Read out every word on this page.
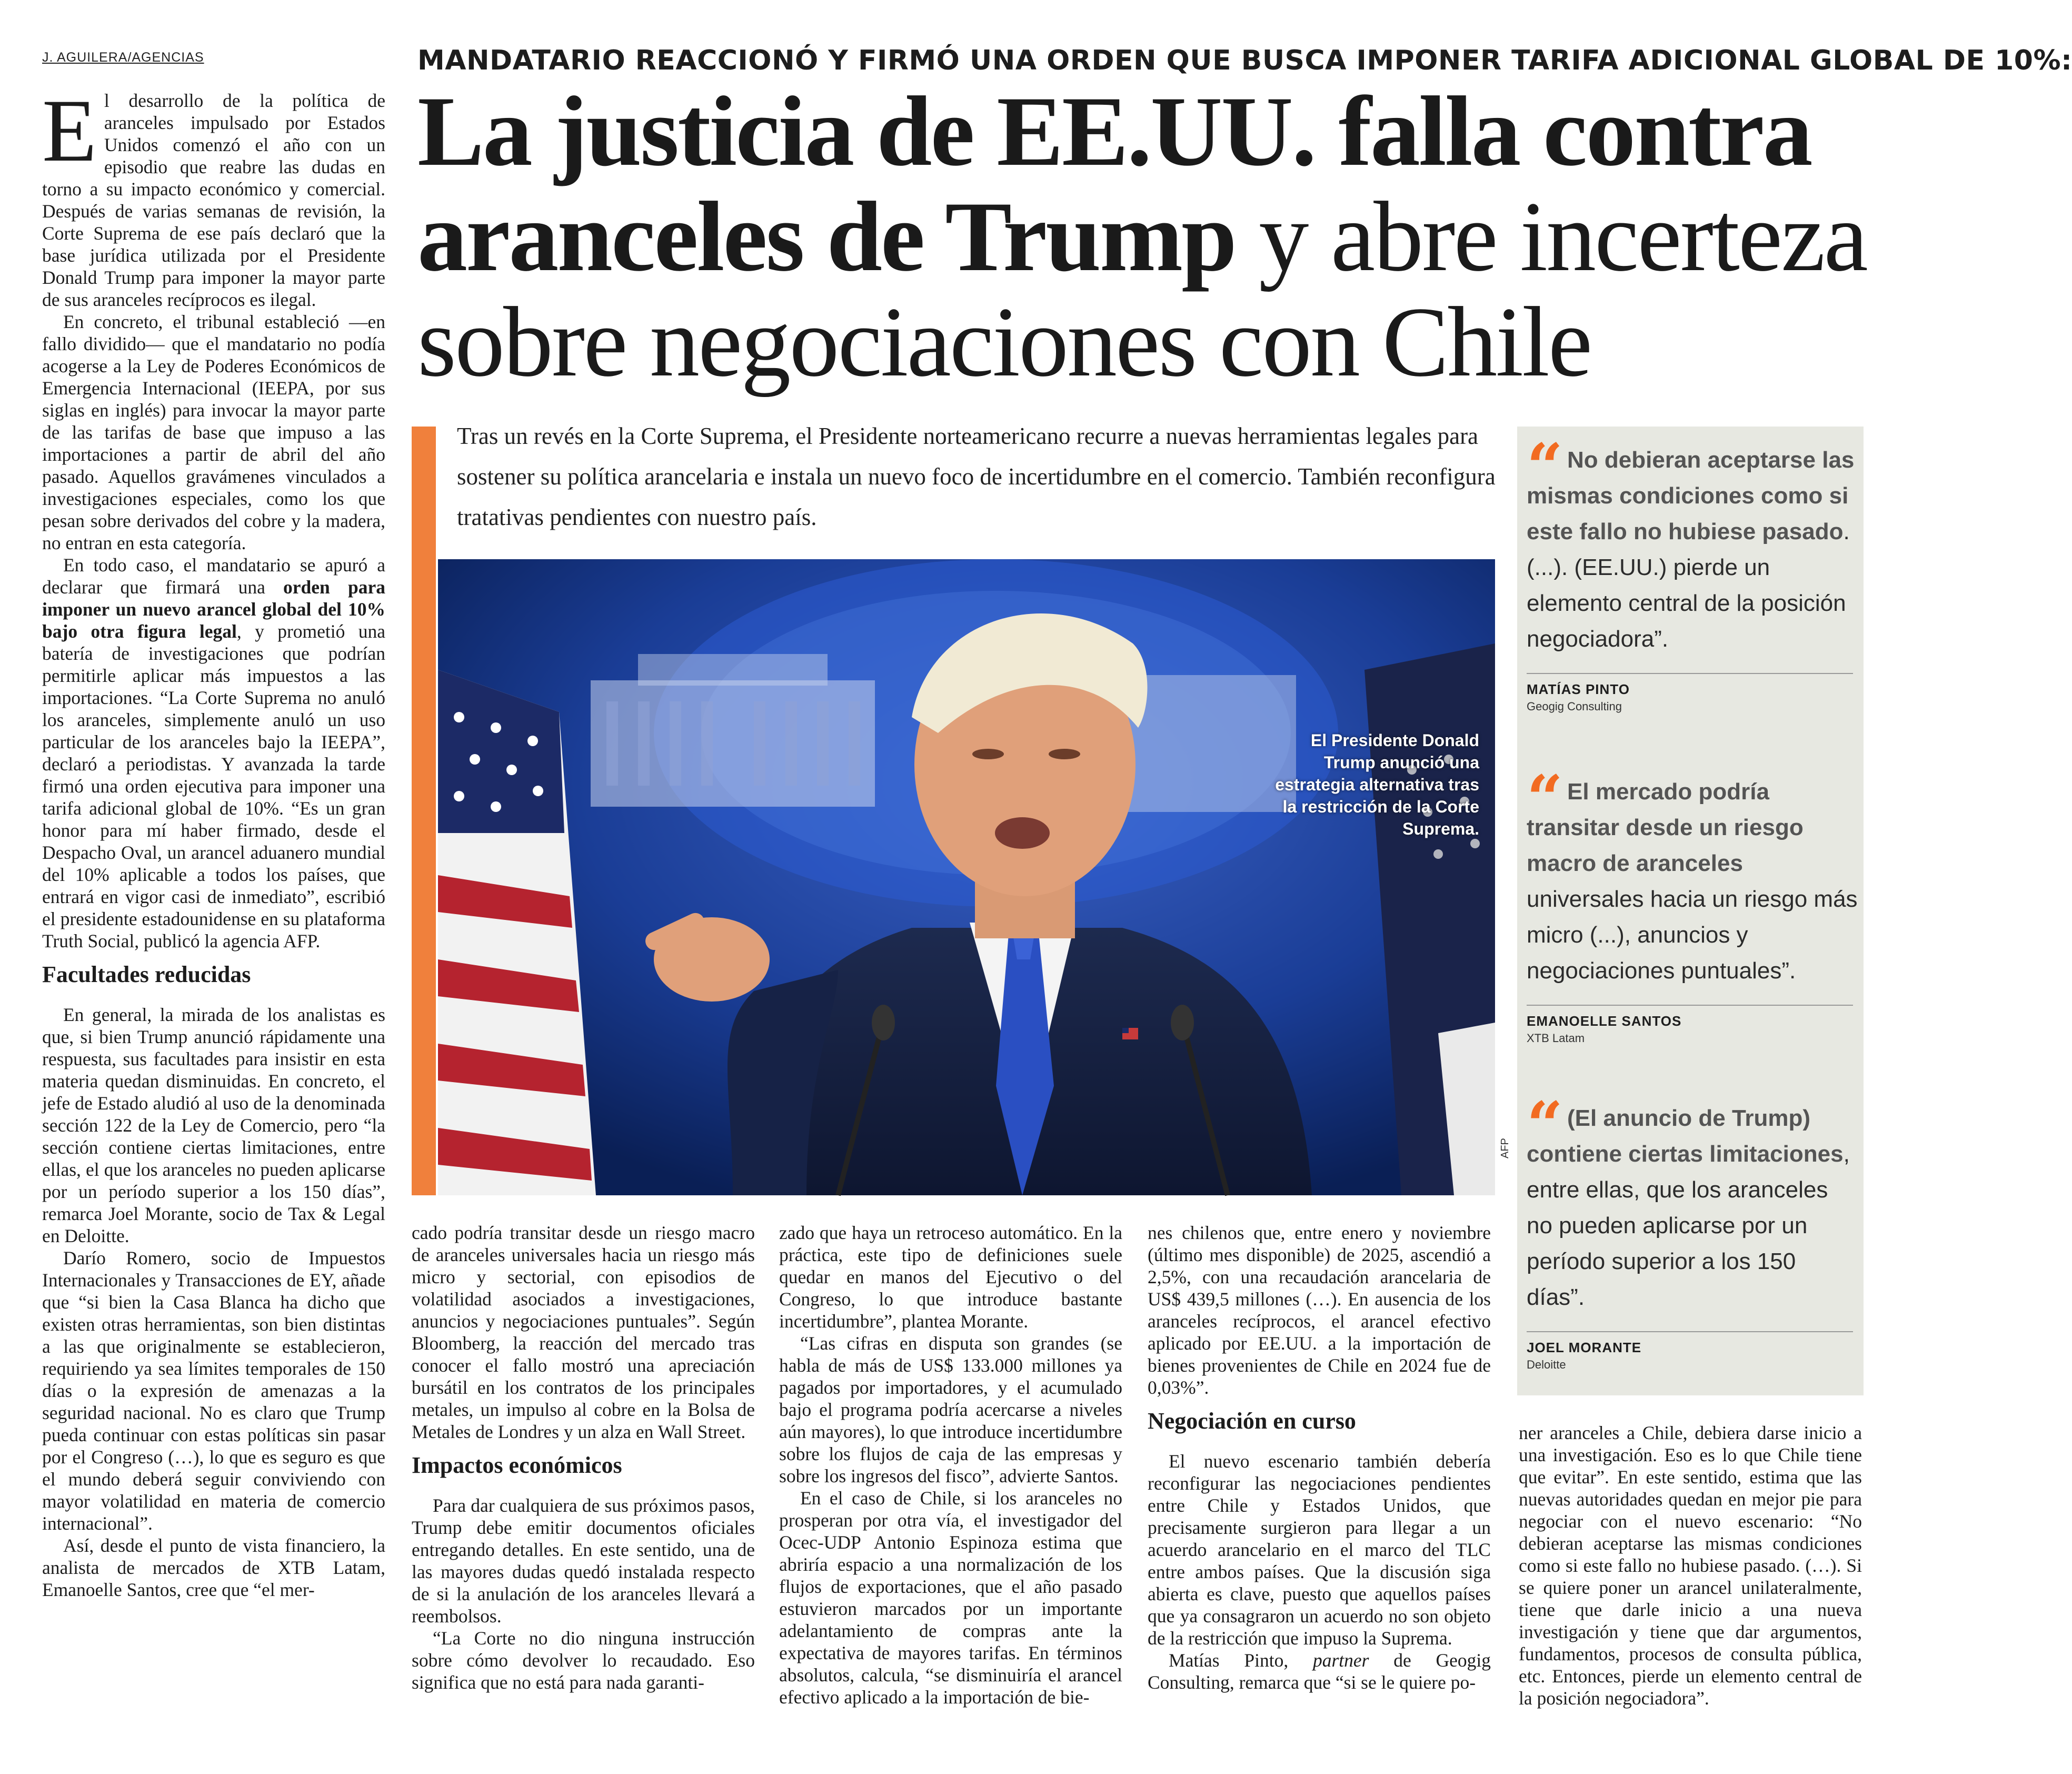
J. AGUILERA/AGENCIAS	MANDATARIO REACCIONÓ Y FIRMÓ UNA ORDEN QUE BUSCA IMPONER TARIFA ADICIONAL GLOBAL DE 10%:
La justicia de EE.UU. falla contra
aranceles de Trump y abre incerteza
sobre negociaciones con Chile

El desarrollo de la política de aranceles impulsado por Estados Unidos comenzó el año con un episodio que reabre las dudas en torno a su impacto económico y comercial. Después de varias semanas de revisión, la Corte Suprema de ese país declaró que la base jurídica utilizada por el Presidente Donald Trump para imponer la mayor parte de sus aranceles recíprocos es ilegal.

En concreto, el tribunal estableció —en fallo dividido— que el mandatario no podía acogerse a la Ley de Poderes Económicos de Emergencia Internacional (IEEPA, por sus siglas en inglés) para invocar la mayor parte de las tarifas de base que impuso a las importaciones a partir de abril del año pasado. Aquellos gravámenes vinculados a investigaciones especiales, como los que pesan sobre derivados del cobre y la madera, no entran en esta categoría.

En todo caso, el mandatario se apuró a declarar que firmará una orden para imponer un nuevo arancel global del 10% bajo otra figura legal, y prometió una batería de investigaciones que podrían permitirle aplicar más impuestos a las importaciones. “La Corte Suprema no anuló los aranceles, simplemente anuló un uso particular de los aranceles bajo la IEEPA”, declaró a periodistas. Y avanzada la tarde firmó una orden ejecutiva para imponer una tarifa adicional global de 10%. “Es un gran honor para mí haber firmado, desde el Despacho Oval, un arancel aduanero mundial del 10% aplicable a todos los países, que entrará en vigor casi de inmediato”, escribió el presidente estadounidense en su plataforma Truth Social, publicó la agencia AFP.

Facultades reducidas

En general, la mirada de los analistas es que, si bien Trump anunció rápidamente una respuesta, sus facultades para insistir en esta materia quedan disminuidas. En concreto, el jefe de Estado aludió al uso de la denominada sección 122 de la Ley de Comercio, pero “la sección contiene ciertas limitaciones, entre ellas, el que los aranceles no pueden aplicarse por un período superior a los 150 días”, remarca Joel Morante, socio de Tax & Legal en Deloitte.

Darío Romero, socio de Impuestos Internacionales y Transacciones de EY, añade que “si bien la Casa Blanca ha dicho que existen otras herramientas, son bien distintas a las que originalmente se establecieron, requiriendo ya sea límites temporales de 150 días o la expresión de amenazas a la seguridad nacional. No es claro que Trump pueda continuar con estas políticas sin pasar por el Congreso (…), lo que es seguro es que el mundo deberá seguir conviviendo con mayor volatilidad en materia de comercio internacional”.

Así, desde el punto de vista financiero, la analista de mercados de XTB Latam, Emanoelle Santos, cree que “el mer-

Tras un revés en la Corte Suprema, el Presidente norteamericano recurre a nuevas herramientas legales para sostener su política arancelaria e instala un nuevo foco de incertidumbre en el comercio. También reconfigura tratativas pendientes con nuestro país.
El Presidente Donald Trump anunció una estrategia alternativa tras la restricción de la Corte Suprema.
AFP
“ No debieran aceptarse las mismas condiciones como si este fallo no hubiese pasado. (...). (EE.UU.) pierde un elemento central de la posición negociadora”.
MATÍAS PINTO
Geogig Consulting
“ El mercado podría transitar desde un riesgo macro de aranceles universales hacia un riesgo más micro (...), anuncios y negociaciones puntuales”.
EMANOELLE SANTOS
XTB Latam
“ (El anuncio de Trump) contiene ciertas limitaciones, entre ellas, que los aranceles no pueden aplicarse por un período superior a los 150 días”.
JOEL MORANTE
Deloitte

cado podría transitar desde un riesgo macro de aranceles universales hacia un riesgo más micro y sectorial, con episodios de volatilidad asociados a investigaciones, anuncios y negociaciones puntuales”. Según Bloomberg, la reacción del mercado tras conocer el fallo mostró una apreciación bursátil en los contratos de los principales metales, un impulso al cobre en la Bolsa de Metales de Londres y un alza en Wall Street.

Impactos económicos

Para dar cualquiera de sus próximos pasos, Trump debe emitir documentos oficiales entregando detalles. En este sentido, una de las mayores dudas quedó instalada respecto de si la anulación de los aranceles llevará a reembolsos.

“La Corte no dio ninguna instrucción sobre cómo devolver lo recaudado. Eso significa que no está para nada garanti-

zado que haya un retroceso automático. En la práctica, este tipo de definiciones suele quedar en manos del Ejecutivo o del Congreso, lo que introduce bastante incertidumbre”, plantea Morante.

“Las cifras en disputa son grandes (se habla de más de US$ 133.000 millones ya pagados por importadores, y el acumulado bajo el programa podría acercarse a niveles aún mayores), lo que introduce incertidumbre sobre los flujos de caja de las empresas y sobre los ingresos del fisco”, advierte Santos.

En el caso de Chile, si los aranceles no prosperan por otra vía, el investigador del Ocec-UDP Antonio Espinoza estima que abriría espacio a una normalización de los flujos de exportaciones, que el año pasado estuvieron marcados por un importante adelantamiento de compras ante la expectativa de mayores tarifas. En términos absolutos, calcula, “se disminuiría el arancel efectivo aplicado a la importación de bie-

nes chilenos que, entre enero y noviembre (último mes disponible) de 2025, ascendió a 2,5%, con una recaudación arancelaria de US$ 439,5 millones (…). En ausencia de los aranceles recíprocos, el arancel efectivo aplicado por EE.UU. a la importación de bienes provenientes de Chile en 2024 fue de 0,03%”.

Negociación en curso

El nuevo escenario también debería reconfigurar las negociaciones pendientes entre Chile y Estados Unidos, que precisamente surgieron para llegar a un acuerdo arancelario en el marco del TLC entre ambos países. Que la discusión siga abierta es clave, puesto que aquellos países que ya consagraron un acuerdo no son objeto de la restricción que impuso la Suprema.

Matías Pinto, partner de Geogig Consulting, remarca que “si se le quiere po-

ner aranceles a Chile, debiera darse inicio a una investigación. Eso es lo que Chile tiene que evitar”. En este sentido, estima que las nuevas autoridades quedan en mejor pie para negociar con el nuevo escenario: “No debieran aceptarse las mismas condiciones como si este fallo no hubiese pasado. (…). Si se quiere poner un arancel unilateralmente, tiene que darle inicio a una nueva investigación y tiene que dar argumentos, fundamentos, procesos de consulta pública, etc. Entonces, pierde un elemento central de la posición negociadora”.
